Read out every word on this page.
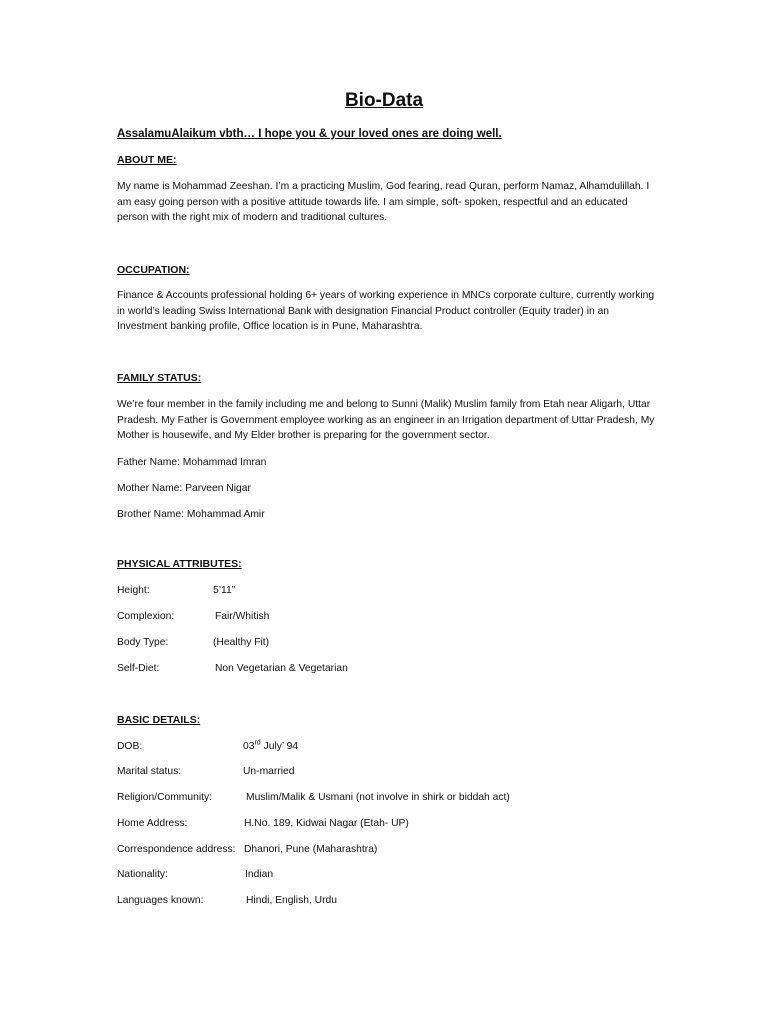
Bio-Data

AssalamuAlaikum vbth… I hope you & your loved ones are doing well.

ABOUT ME:

My name is Mohammad Zeeshan. I’m a practicing Muslim, God fearing, read Quran, perform Namaz, Alhamdulillah. I am easy going person with a positive attitude towards life. I am simple, soft- spoken, respectful and an educated person with the right mix of modern and traditional cultures.

OCCUPATION:

Finance & Accounts professional holding 6+ years of working experience in MNCs corporate culture, currently working in world’s leading Swiss International Bank with designation Financial Product controller (Equity trader) in an Investment banking profile, Office location is in Pune, Maharashtra.

FAMILY STATUS:

We’re four member in the family including me and belong to Sunni (Malik) Muslim family from Etah near Aligarh, Uttar Pradesh. My Father is Government employee working as an engineer in an Irrigation department of Uttar Pradesh, My Mother is housewife, and My Elder brother is preparing for the government sector.

Father Name: Mohammad Imran

Mother Name: Parveen Nigar

Brother Name: Mohammad Amir

PHYSICAL ATTRIBUTES:

Height:	5’11”
Complexion:	Fair/Whitish
Body Type:	(Healthy Fit)
Self-Diet:	Non Vegetarian & Vegetarian

BASIC DETAILS:

DOB:	03rd July’ 94
Marital status:	Un-married
Religion/Community:	Muslim/Malik & Usmani (not involve in shirk or biddah act)
Home Address:	H.No. 189, Kidwai Nagar (Etah- UP)
Correspondence address: Dhanori, Pune (Maharashtra)
Nationality:	Indian
Languages known:	Hindi, English, Urdu
